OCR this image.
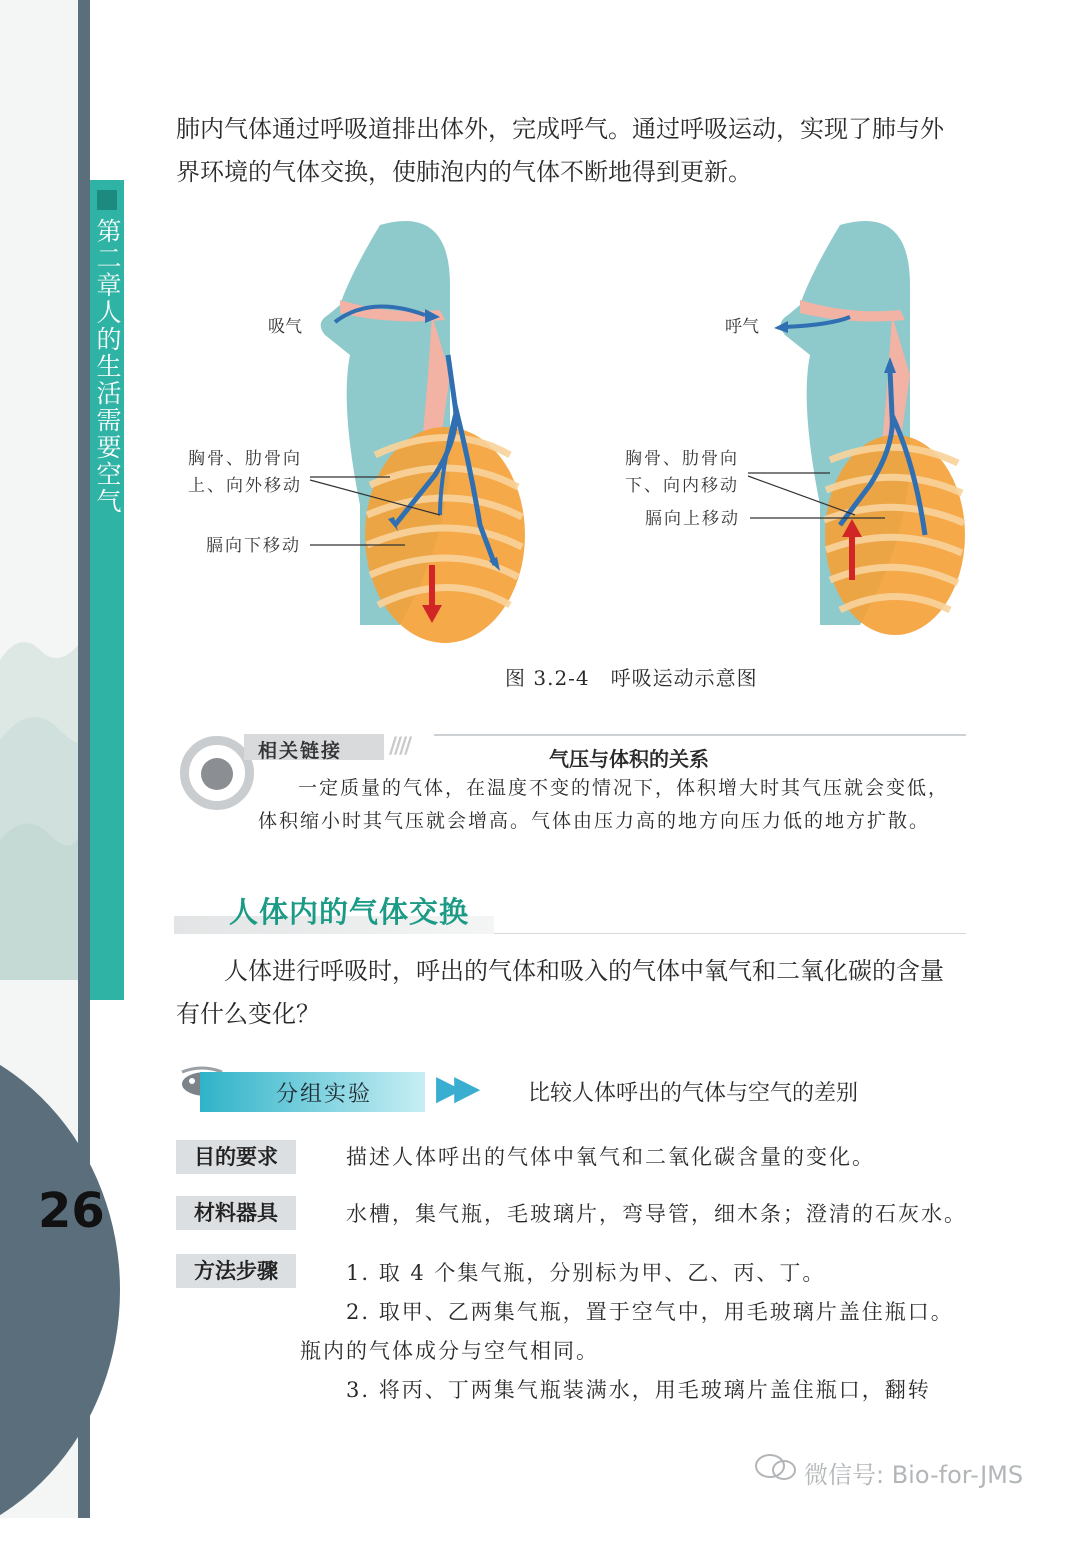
第二章人的生活需要空气
26
肺内气体通过呼吸道排出体外，完成呼气。通过呼吸运动，实现了肺与外界环境的气体交换，使肺泡内的气体不断地得到更新。
吸气
胸骨、肋骨向
上、向外移动
膈向下移动
呼气
胸骨、肋骨向
下、向内移动
膈向上移动
图 3.2-4　呼吸运动示意图
相关链接 ////	气压与体积的关系
一定质量的气体，在温度不变的情况下，体积增大时其气压就会变低，体积缩小时其气压就会增高。气体由压力高的地方向压力低的地方扩散。
人体内的气体交换
人体进行呼吸时，呼出的气体和吸入的气体中氧气和二氧化碳的含量有什么变化？
分组实验 ▶▶	比较人体呼出的气体与空气的差别
目的要求	描述人体呼出的气体中氧气和二氧化碳含量的变化。
材料器具	水槽，集气瓶，毛玻璃片，弯导管，细木条；澄清的石灰水。
方法步骤	1. 取 4 个集气瓶，分别标为甲、乙、丙、丁。
2. 取甲、乙两集气瓶，置于空气中，用毛玻璃片盖住瓶口。
瓶内的气体成分与空气相同。
3. 将丙、丁两集气瓶装满水，用毛玻璃片盖住瓶口，翻转
微信号: Bio-for-JMS
